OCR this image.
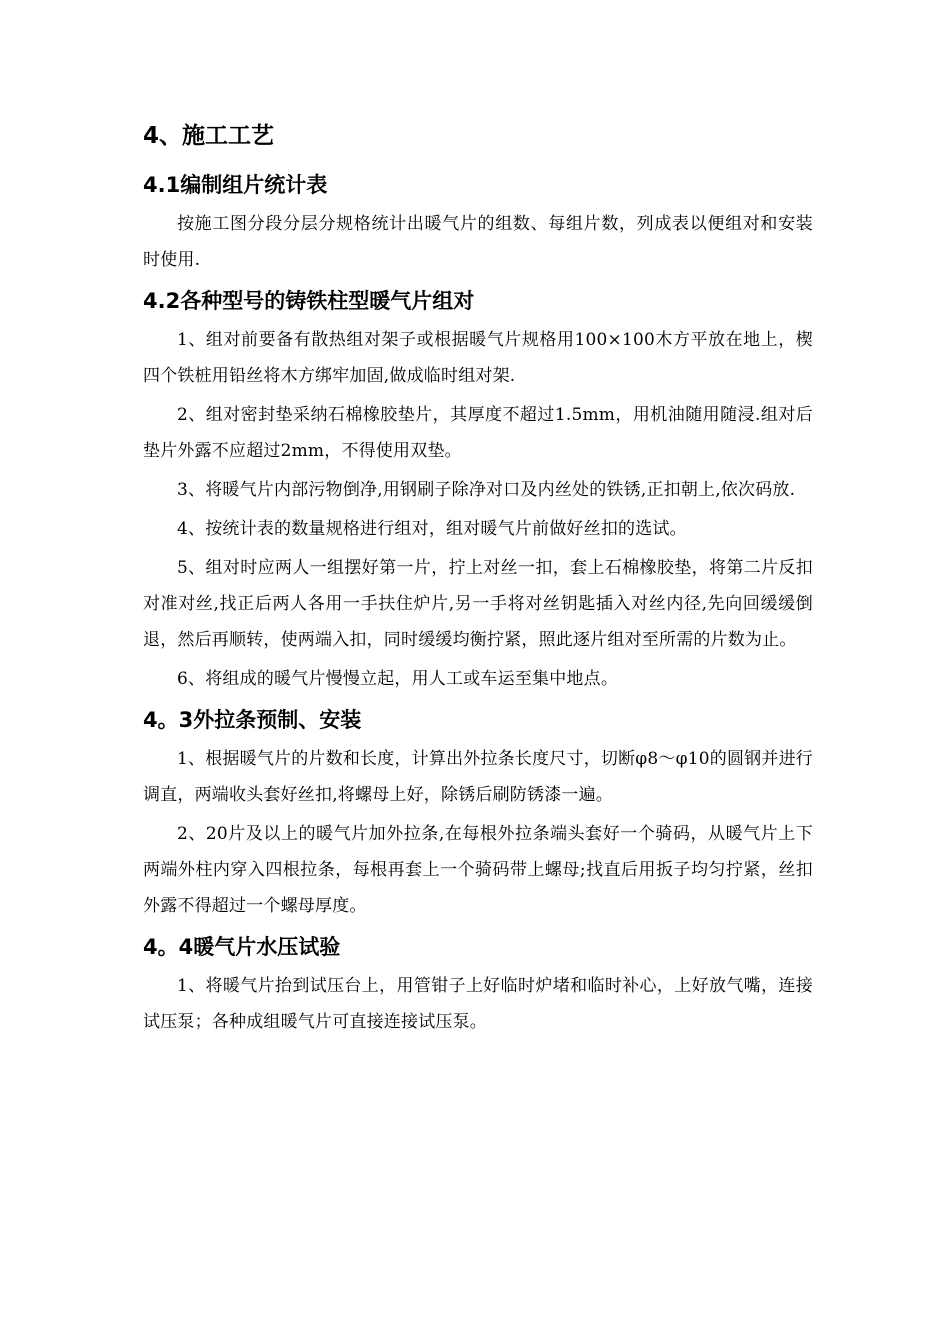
4、施工工艺
4.1编制组片统计表

按施工图分段分层分规格统计出暖气片的组数、每组片数，列成表以便组对和安装时使用.

4.2各种型号的铸铁柱型暖气片组对

1、组对前要备有散热组对架子或根据暖气片规格用100×100木方平放在地上，楔四个铁桩用铅丝将木方绑牢加固,做成临时组对架.

2、组对密封垫采纳石棉橡胶垫片，其厚度不超过1.5mm，用机油随用随浸.组对后垫片外露不应超过2mm，不得使用双垫。

3、将暖气片内部污物倒净,用钢刷子除净对口及内丝处的铁锈,正扣朝上,依次码放.

4、按统计表的数量规格进行组对，组对暖气片前做好丝扣的选试。

5、组对时应两人一组摆好第一片，拧上对丝一扣，套上石棉橡胶垫，将第二片反扣对准对丝,找正后两人各用一手扶住炉片,另一手将对丝钥匙插入对丝内径,先向回缓缓倒退，然后再顺转，使两端入扣，同时缓缓均衡拧紧，照此逐片组对至所需的片数为止。

6、将组成的暖气片慢慢立起，用人工或车运至集中地点。

4。3外拉条预制、安装

1、根据暖气片的片数和长度，计算出外拉条长度尺寸，切断φ8～φ10的圆钢并进行调直，两端收头套好丝扣,将螺母上好，除锈后刷防锈漆一遍。

2、20片及以上的暖气片加外拉条,在每根外拉条端头套好一个骑码，从暖气片上下两端外柱内穿入四根拉条，每根再套上一个骑码带上螺母;找直后用扳子均匀拧紧，丝扣外露不得超过一个螺母厚度。

4。4暖气片水压试验

1、将暖气片抬到试压台上，用管钳子上好临时炉堵和临时补心，上好放气嘴，连接试压泵；各种成组暖气片可直接连接试压泵。
